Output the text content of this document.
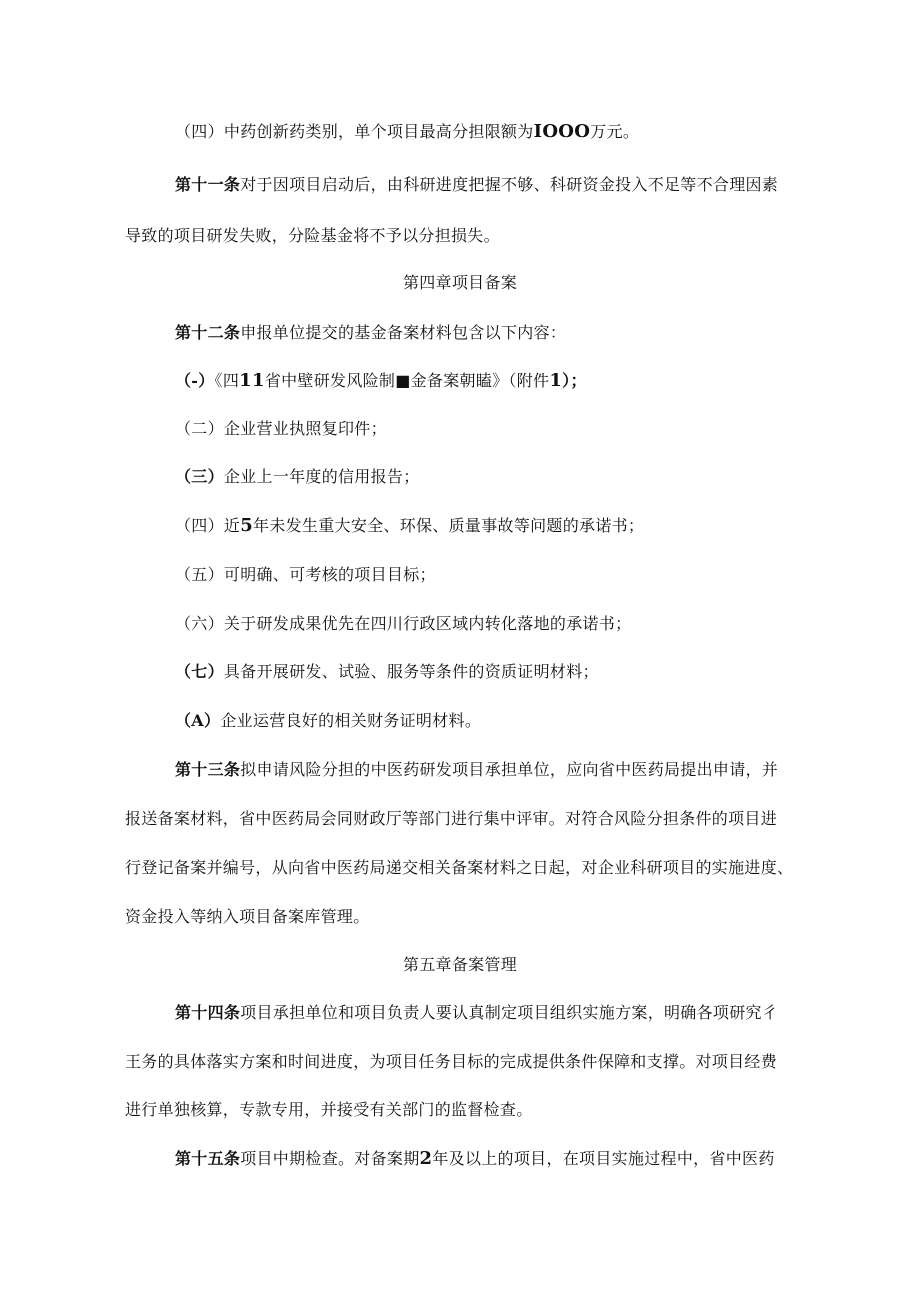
（四）中药创新药类别，单个项目最高分担限额为IOOO万元。
第十一条对于因项目启动后，由科研进度把握不够、科研资金投入不足等不合理因素
导致的项目研发失败，分险基金将不予以分担损失。
第四章项目备案
第十二条申报单位提交的基金备案材料包含以下内容：
（-）《四11省中壁研发风险制■金备案朝瞌》（附件1）；
（二）企业营业执照复印件；
（三）企业上一年度的信用报告；
（四）近5年未发生重大安全、环保、质量事故等问题的承诺书；
（五）可明确、可考核的项目目标；
（六）关于研发成果优先在四川行政区域内转化落地的承诺书；
（七）具备开展研发、试验、服务等条件的资质证明材料；
（A）企业运营良好的相关财务证明材料。
第十三条拟申请风险分担的中医药研发项目承担单位，应向省中医药局提出申请，并
报送备案材料，省中医药局会同财政厅等部门进行集中评审。对符合风险分担条件的项目进
行登记备案并编号，从向省中医药局递交相关备案材料之日起，对企业科研项目的实施进度、
资金投入等纳入项目备案库管理。
第五章备案管理
第十四条项目承担单位和项目负责人要认真制定项目组织实施方案，明确各项研究彳
王务的具体落实方案和时间进度，为项目任务目标的完成提供条件保障和支撑。对项目经费
进行单独核算，专款专用，并接受有关部门的监督检查。
第十五条项目中期检查。对备案期2年及以上的项目，在项目实施过程中，省中医药
